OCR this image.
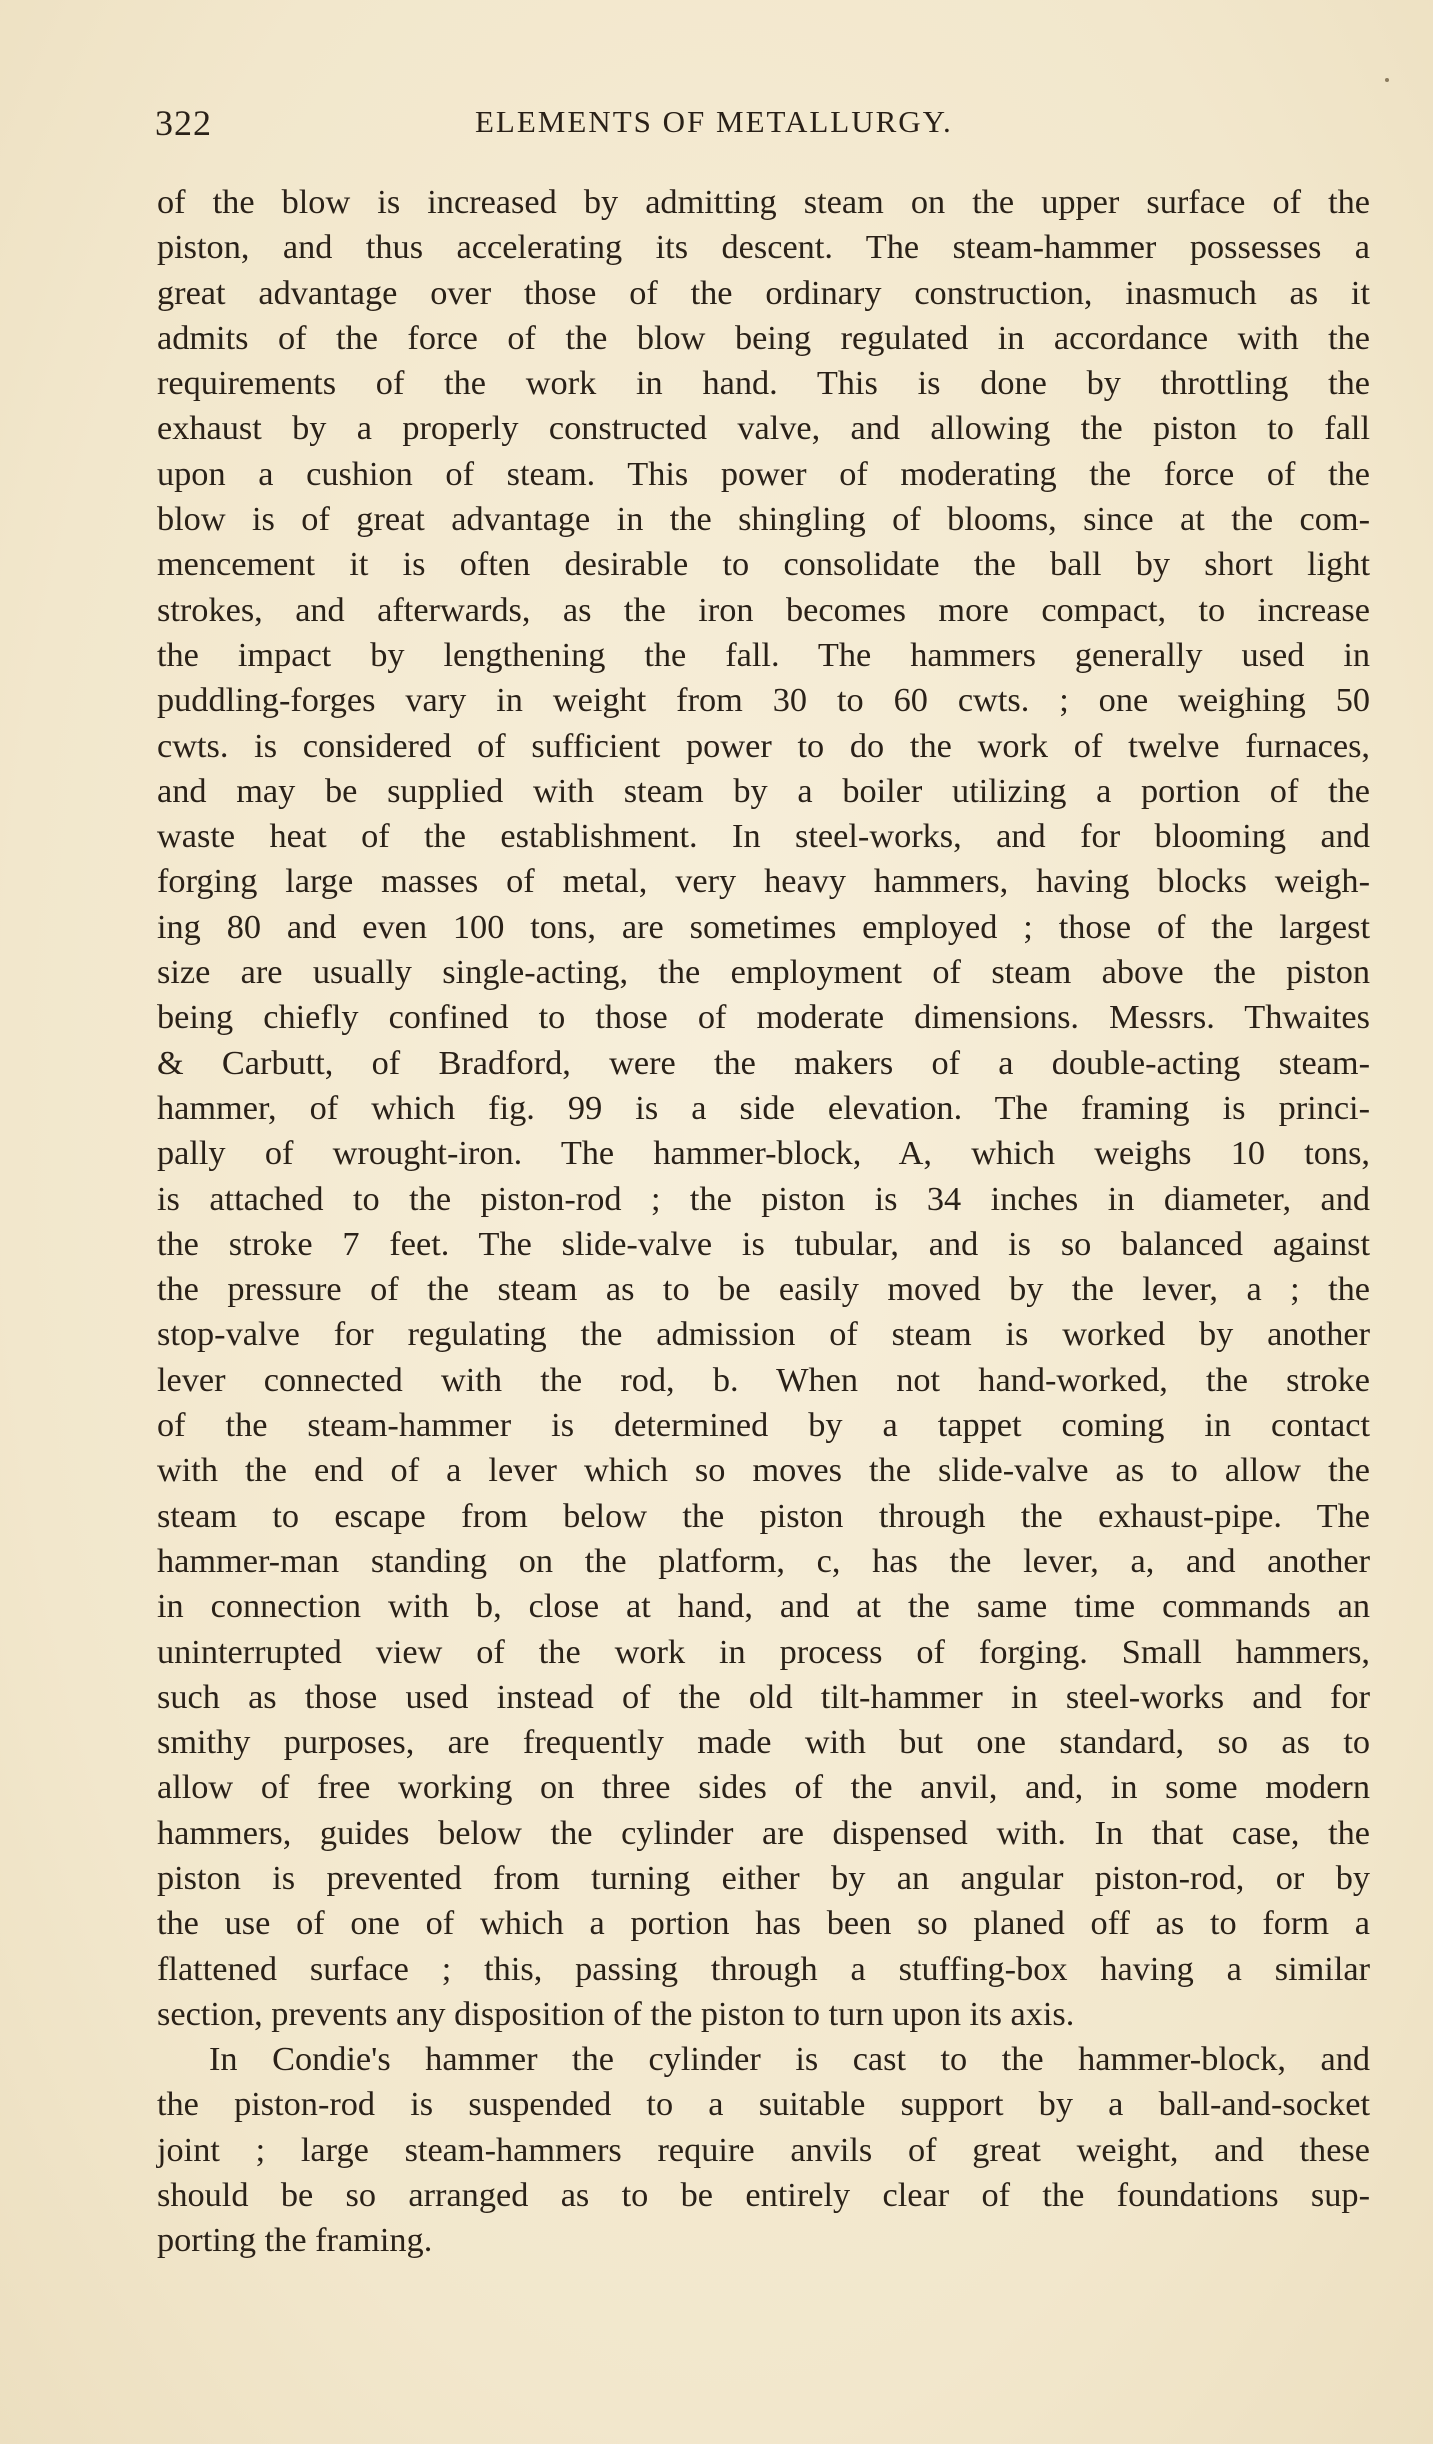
322	ELEMENTS OF METALLURGY.
of the blow is increased by admitting steam on the upper surface of the
piston, and thus accelerating its descent. The steam-hammer possesses a
great advantage over those of the ordinary construction, inasmuch as it
admits of the force of the blow being regulated in accordance with the
requirements of the work in hand. This is done by throttling the
exhaust by a properly constructed valve, and allowing the piston to fall
upon a cushion of steam. This power of moderating the force of the
blow is of great advantage in the shingling of blooms, since at the com-
mencement it is often desirable to consolidate the ball by short light
strokes, and afterwards, as the iron becomes more compact, to increase
the impact by lengthening the fall. The hammers generally used in
puddling-forges vary in weight from 30 to 60 cwts. ; one weighing 50
cwts. is considered of sufficient power to do the work of twelve furnaces,
and may be supplied with steam by a boiler utilizing a portion of the
waste heat of the establishment. In steel-works, and for blooming and
forging large masses of metal, very heavy hammers, having blocks weigh-
ing 80 and even 100 tons, are sometimes employed ; those of the largest
size are usually single-acting, the employment of steam above the piston
being chiefly confined to those of moderate dimensions. Messrs. Thwaites
& Carbutt, of Bradford, were the makers of a double-acting steam-
hammer, of which fig. 99 is a side elevation. The framing is princi-
pally of wrought-iron. The hammer-block, A, which weighs 10 tons,
is attached to the piston-rod ; the piston is 34 inches in diameter, and
the stroke 7 feet. The slide-valve is tubular, and is so balanced against
the pressure of the steam as to be easily moved by the lever, a ; the
stop-valve for regulating the admission of steam is worked by another
lever connected with the rod, b. When not hand-worked, the stroke
of the steam-hammer is determined by a tappet coming in contact
with the end of a lever which so moves the slide-valve as to allow the
steam to escape from below the piston through the exhaust-pipe. The
hammer-man standing on the platform, c, has the lever, a, and another
in connection with b, close at hand, and at the same time commands an
uninterrupted view of the work in process of forging. Small hammers,
such as those used instead of the old tilt-hammer in steel-works and for
smithy purposes, are frequently made with but one standard, so as to
allow of free working on three sides of the anvil, and, in some modern
hammers, guides below the cylinder are dispensed with. In that case, the
piston is prevented from turning either by an angular piston-rod, or by
the use of one of which a portion has been so planed off as to form a
flattened surface ; this, passing through a stuffing-box having a similar
section, prevents any disposition of the piston to turn upon its axis.
In Condie's hammer the cylinder is cast to the hammer-block, and
the piston-rod is suspended to a suitable support by a ball-and-socket
joint ; large steam-hammers require anvils of great weight, and these
should be so arranged as to be entirely clear of the foundations sup-
porting the framing.
